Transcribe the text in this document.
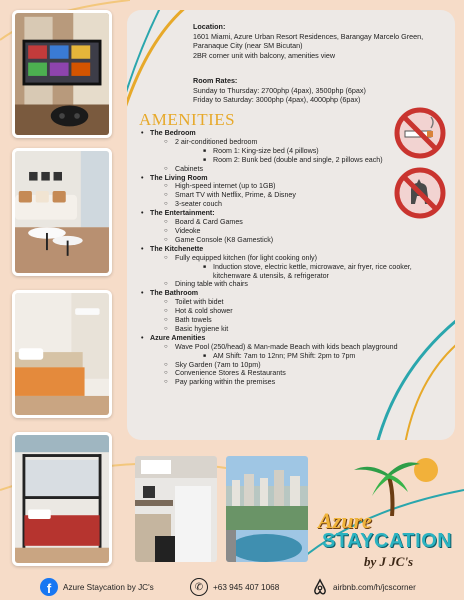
Location:
1601 Miami, Azure Urban Resort Residences, Barangay Marcelo Green, Paranaque City (near SM Bicutan)
2BR corner unit with balcony, amenities view
Room Rates:
Sunday to Thursday: 2700php (4pax), 3500php (6pax)
Friday to Saturday: 3000php (4pax), 4000php (6pax)
AMENITIES
• The Bedroom
○ 2 air-conditioned bedroom
■ Room 1: King-size bed (4 pillows)
■ Room 2: Bunk bed (double and single, 2 pillows each)
○ Cabinets
• The Living Room
○ High-speed internet (up to 1GB)
○ Smart TV with Netflix, Prime, & Disney
○ 3-seater couch
• The Entertainment:
○ Board & Card Games
○ Videoke
○ Game Console (K8 Gamestick)
• The Kitchenette
○ Fully equipped kitchen (for light cooking only)
■ Induction stove, electric kettle, microwave, air fryer, rice cooker, kitchenware & utensils, & refrigerator
○ Dining table with chairs
• The Bathroom
○ Toilet with bidet
○ Hot & cold shower
○ Bath towels
○ Basic hygiene kit
• Azure Amenities
○ Wave Pool (250/head) & Man-made Beach with kids beach playground
■ AM Shift: 7am to 12nn; PM Shift: 2pm to 7pm
○ Sky Garden (7am to 10pm)
○ Convenience Stores & Restaurants
○ Pay parking within the premises
Azure
STAYCATION
by J JC's
f	Azure Staycation by JC's	✆	+63 945 407 1068	airbnb.com/h/jcscorner
